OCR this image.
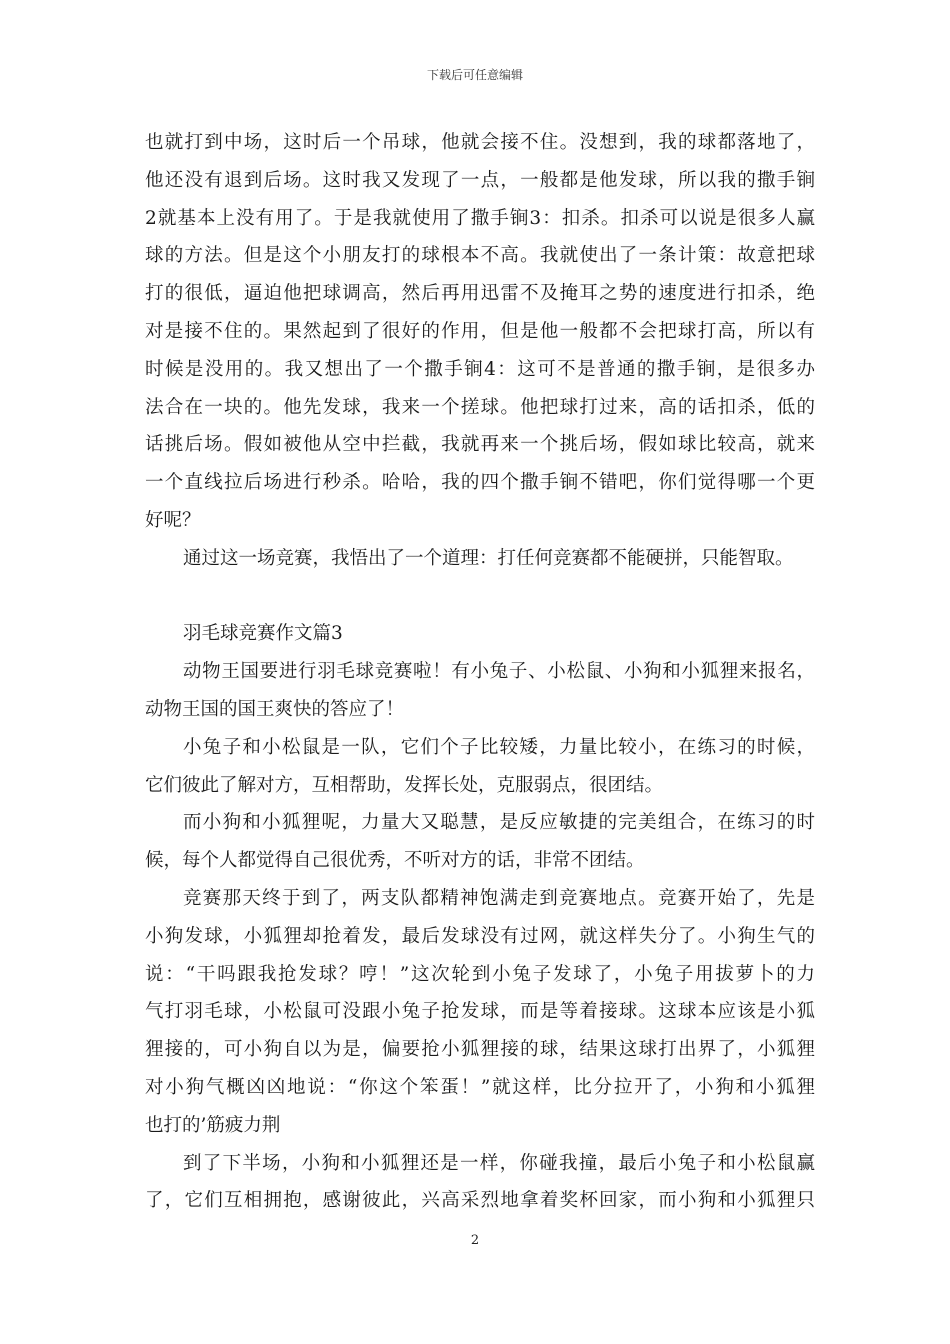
下载后可任意编辑
也就打到中场，这时后一个吊球，他就会接不住。没想到，我的球都落地了，
他还没有退到后场。这时我又发现了一点，一般都是他发球，所以我的撒手锏
2就基本上没有用了。于是我就使用了撒手锏3：扣杀。扣杀可以说是很多人赢
球的方法。但是这个小朋友打的球根本不高。我就使出了一条计策：故意把球
打的很低，逼迫他把球调高，然后再用迅雷不及掩耳之势的速度进行扣杀，绝
对是接不住的。果然起到了很好的作用，但是他一般都不会把球打高，所以有
时候是没用的。我又想出了一个撒手锏4：这可不是普通的撒手锏，是很多办
法合在一块的。他先发球，我来一个搓球。他把球打过来，高的话扣杀，低的
话挑后场。假如被他从空中拦截，我就再来一个挑后场，假如球比较高，就来
一个直线拉后场进行秒杀。哈哈，我的四个撒手锏不错吧，你们觉得哪一个更
好呢？
通过这一场竞赛，我悟出了一个道理：打任何竞赛都不能硬拼，只能智取。
羽毛球竞赛作文篇3
动物王国要进行羽毛球竞赛啦！有小兔子、小松鼠、小狗和小狐狸来报名，
动物王国的国王爽快的答应了！
小兔子和小松鼠是一队，它们个子比较矮，力量比较小，在练习的时候，
它们彼此了解对方，互相帮助，发挥长处，克服弱点，很团结。
而小狗和小狐狸呢，力量大又聪慧，是反应敏捷的完美组合，在练习的时
候，每个人都觉得自己很优秀，不听对方的话，非常不团结。
竞赛那天终于到了，两支队都精神饱满走到竞赛地点。竞赛开始了，先是
小狗发球，小狐狸却抢着发，最后发球没有过网，就这样失分了。小狗生气的
说：“干吗跟我抢发球？哼！”这次轮到小兔子发球了，小兔子用拔萝卜的力
气打羽毛球，小松鼠可没跟小兔子抢发球，而是等着接球。这球本应该是小狐
狸接的，可小狗自以为是，偏要抢小狐狸接的球，结果这球打出界了，小狐狸
对小狗气概凶凶地说：“你这个笨蛋！”就这样，比分拉开了，小狗和小狐狸
也打的’筋疲力荆
到了下半场，小狗和小狐狸还是一样，你碰我撞，最后小兔子和小松鼠赢
了，它们互相拥抱，感谢彼此，兴高采烈地拿着奖杯回家，而小狗和小狐狸只
2
